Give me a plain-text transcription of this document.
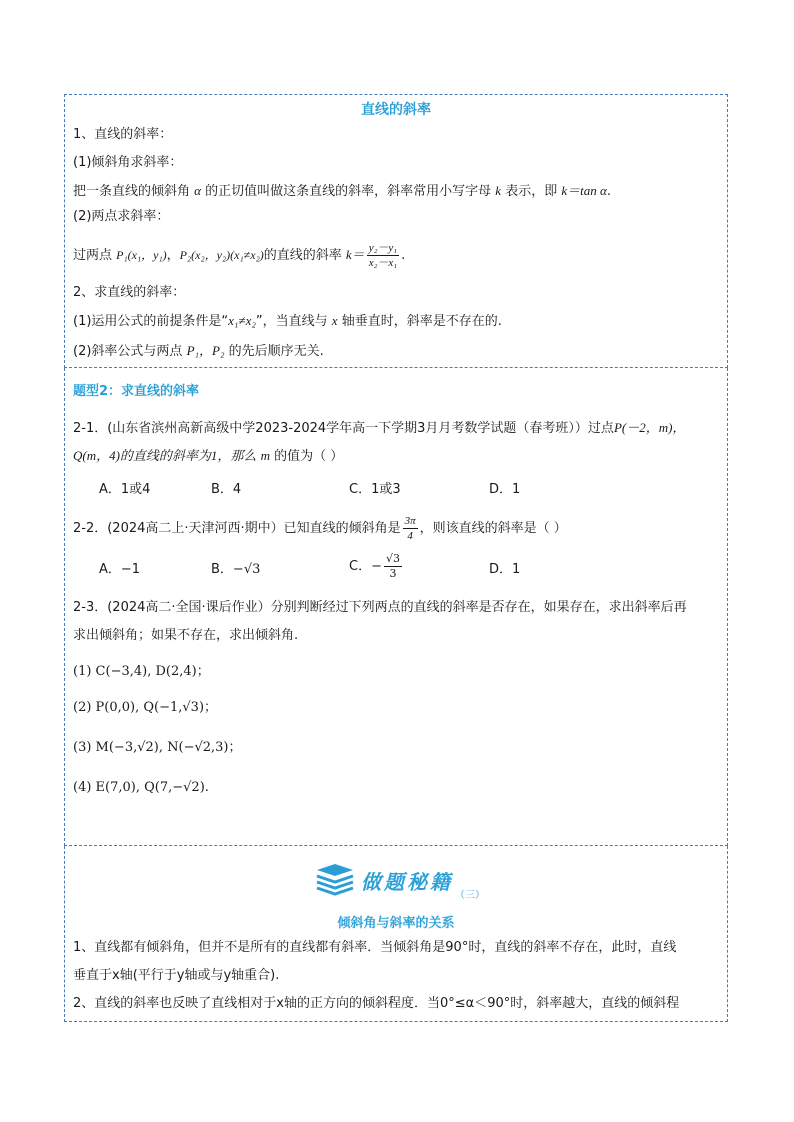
直线的斜率
1、直线的斜率：
(1)倾斜角求斜率：
把一条直线的倾斜角 α 的正切值叫做这条直线的斜率，斜率常用小写字母 k 表示，即 k＝tan α.
(2)两点求斜率：
过两点 P₁(x₁，y₁)，P₂(x₂，y₂)(x₁≠x₂)的直线的斜率 $k= \frac{\text{y₂－y₁}}{\text{x₂－x₁}}$ .
2、求直线的斜率：
(1)运用公式的前提条件是“x₁≠x₂”，当直线与 x 轴垂直时，斜率是不存在的.
(2)斜率公式与两点 P₁，P₂ 的先后顺序无关.
题型2：求直线的斜率
2-1．(山东省滨州高新高级中学2023-2024学年高一下学期3月月考数学试题（春考班））过点P(－2，m)，
Q(m，4)的直线的斜率为1，那么 m 的值为（ ）
A．1或4	B．4	C．1或3	D．1
2-2．(2024高二上·天津河西·期中）已知直线的倾斜角是 $\frac{3\pi}{4}$ ，则该直线的斜率是（ ）
A．−1	B．−√3	C．− $\frac{√3}{3}$	D．1
2-3．(2024高二·全国·课后作业）分别判断经过下列两点的直线的斜率是否存在，如果存在，求出斜率后再
求出倾斜角；如果不存在，求出倾斜角.
(1) C(−3,4), D(2,4)；
(2) P(0,0), Q(−1,√3)；
(3) M(−3,√2), N(−√2,3)；
(4) E(7,0), Q(7,−√2).
做题秘籍
（三）
倾斜角与斜率的关系
1、直线都有倾斜角，但并不是所有的直线都有斜率．当倾斜角是90°时，直线的斜率不存在，此时，直线
垂直于x轴(平行于y轴或与y轴重合).
2、直线的斜率也反映了直线相对于x轴的正方向的倾斜程度．当0°≤α＜90°时，斜率越大，直线的倾斜程
